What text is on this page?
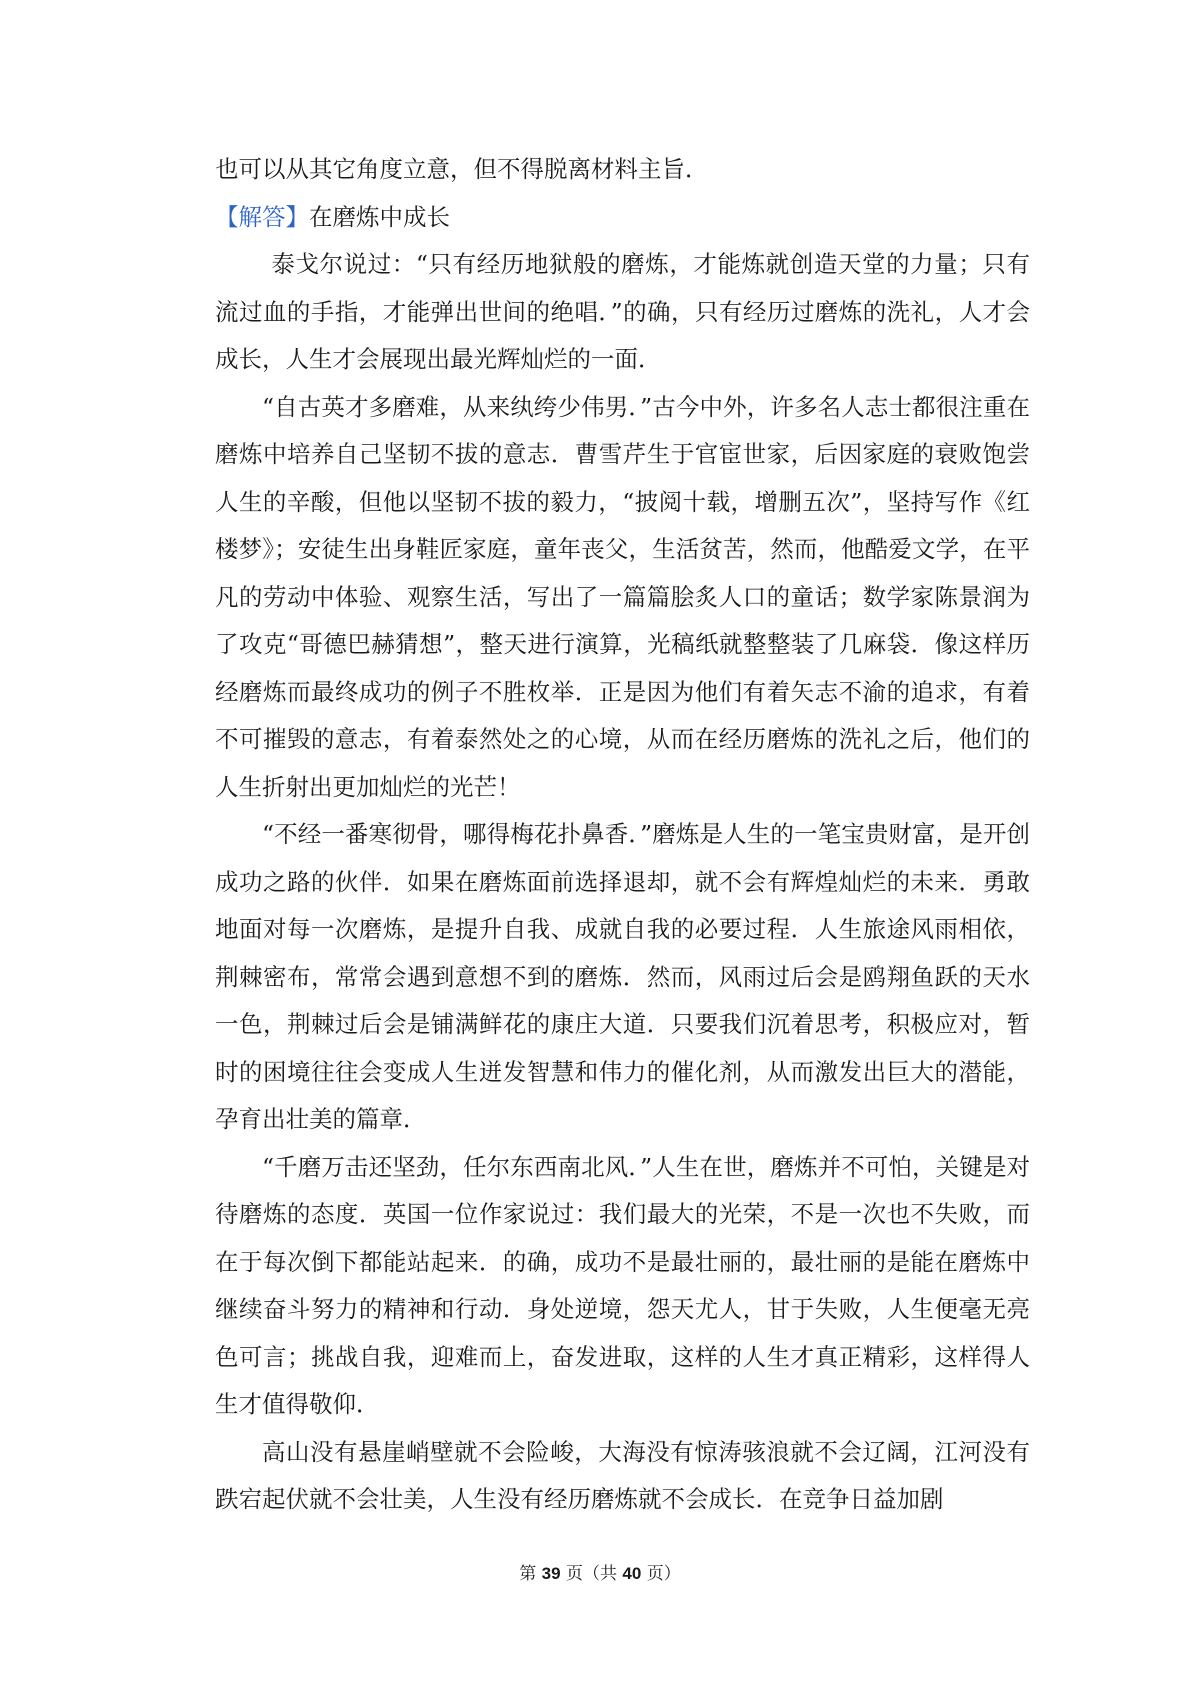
也可以从其它角度立意，但不得脱离材料主旨．

【解答】在磨炼中成长

泰戈尔说过：“只有经历地狱般的磨炼，才能炼就创造天堂的力量；只有流过血的手指，才能弹出世间的绝唱．”的确，只有经历过磨炼的洗礼，人才会成长，人生才会展现出最光辉灿烂的一面．

“自古英才多磨难，从来纨绔少伟男．”古今中外，许多名人志士都很注重在磨炼中培养自己坚韧不拔的意志．曹雪芹生于官宦世家，后因家庭的衰败饱尝人生的辛酸，但他以坚韧不拔的毅力，“披阅十载，增删五次”，坚持写作《红楼梦》；安徒生出身鞋匠家庭，童年丧父，生活贫苦，然而，他酷爱文学，在平凡的劳动中体验、观察生活，写出了一篇篇脍炙人口的童话；数学家陈景润为了攻克“哥德巴赫猜想”，整天进行演算，光稿纸就整整装了几麻袋．像这样历经磨炼而最终成功的例子不胜枚举．正是因为他们有着矢志不渝的追求，有着不可摧毁的意志，有着泰然处之的心境，从而在经历磨炼的洗礼之后，他们的人生折射出更加灿烂的光芒！

“不经一番寒彻骨，哪得梅花扑鼻香．”磨炼是人生的一笔宝贵财富，是开创成功之路的伙伴．如果在磨炼面前选择退却，就不会有辉煌灿烂的未来．勇敢地面对每一次磨炼，是提升自我、成就自我的必要过程．人生旅途风雨相依，荆棘密布，常常会遇到意想不到的磨炼．然而，风雨过后会是鸥翔鱼跃的天水一色，荆棘过后会是铺满鲜花的康庄大道．只要我们沉着思考，积极应对，暂时的困境往往会变成人生迸发智慧和伟力的催化剂，从而激发出巨大的潜能，孕育出壮美的篇章．

“千磨万击还坚劲，任尔东西南北风．”人生在世，磨炼并不可怕，关键是对待磨炼的态度．英国一位作家说过：我们最大的光荣，不是一次也不失败，而在于每次倒下都能站起来．的确，成功不是最壮丽的，最壮丽的是能在磨炼中继续奋斗努力的精神和行动．身处逆境，怨天尤人，甘于失败，人生便毫无亮色可言；挑战自我，迎难而上，奋发进取，这样的人生才真正精彩，这样得人生才值得敬仰．

高山没有悬崖峭壁就不会险峻，大海没有惊涛骇浪就不会辽阔，江河没有跌宕起伏就不会壮美，人生没有经历磨炼就不会成长．在竞争日益加剧

第 39 页（共 40 页）
